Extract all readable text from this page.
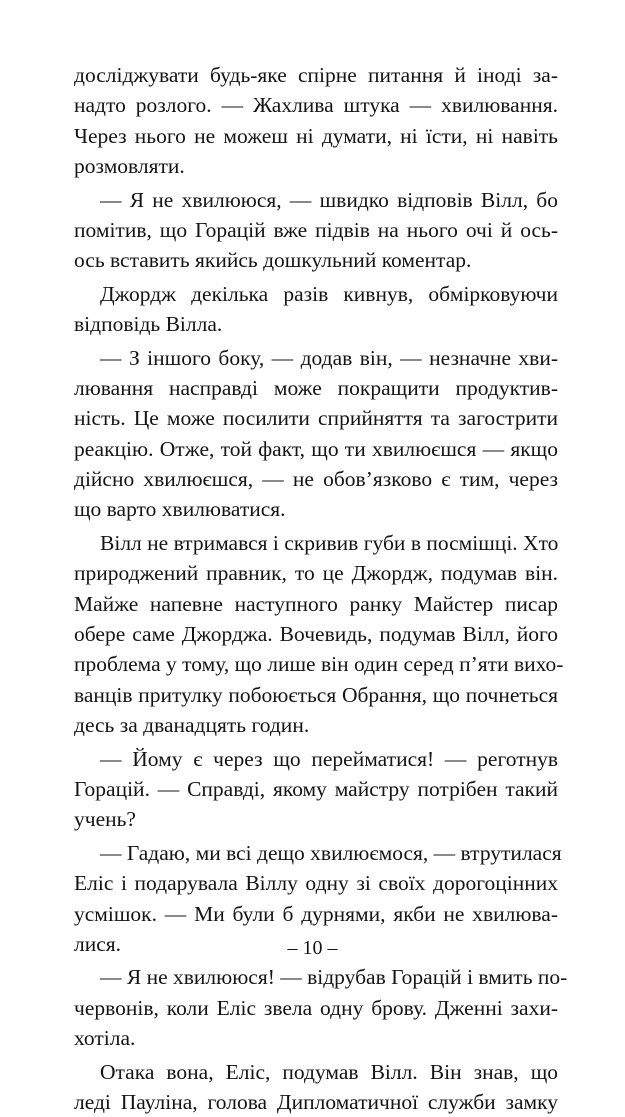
досліджувати будь-яке спірне питання й іноді за-
надто розлого. — Жахлива штука — хвилювання.
Через нього не можеш ні думати, ні їсти, ні навіть
розмовляти.
— Я не хвилююся, — швидко відповів Вілл, бо
помітив, що Горацій вже підвів на нього очі й ось-
ось вставить якийсь дошкульний коментар.
Джордж декілька разів кивнув, обмірковуючи
відповідь Вілла.
— З іншого боку, — додав він, — незначне хви-
лювання насправді може покращити продуктив-
ність. Це може посилити сприйняття та загострити
реакцію. Отже, той факт, що ти хвилюєшся — якщо
дійсно хвилюєшся, — не обов’язково є тим, через
що варто хвилюватися.
Вілл не втримався і скривив губи в посмішці. Хто
природжений правник, то це Джордж, подумав він.
Майже напевне наступного ранку Майстер писар
обере саме Джорджа. Вочевидь, подумав Вілл, його
проблема у тому, що лише він один серед п’яти вихо-
ванців притулку побоюється Обрання, що почнеться
десь за дванадцять годин.
— Йому є через що перейматися! — реготнув
Горацій. — Справді, якому майстру потрібен такий
учень?
— Гадаю, ми всі дещо хвилюємося, — втрутилася
Еліс і подарувала Віллу одну зі своїх дорогоцінних
усмішок. — Ми були б дурнями, якби не хвилюва-
лися.
— Я не хвилююся! — відрубав Горацій і вмить по-
червонів, коли Еліс звела одну брову. Дженні захи-
хотіла.
Отака вона, Еліс, подумав Вілл. Він знав, що
леді Пауліна, голова Дипломатичної служби замку
– 10 –
